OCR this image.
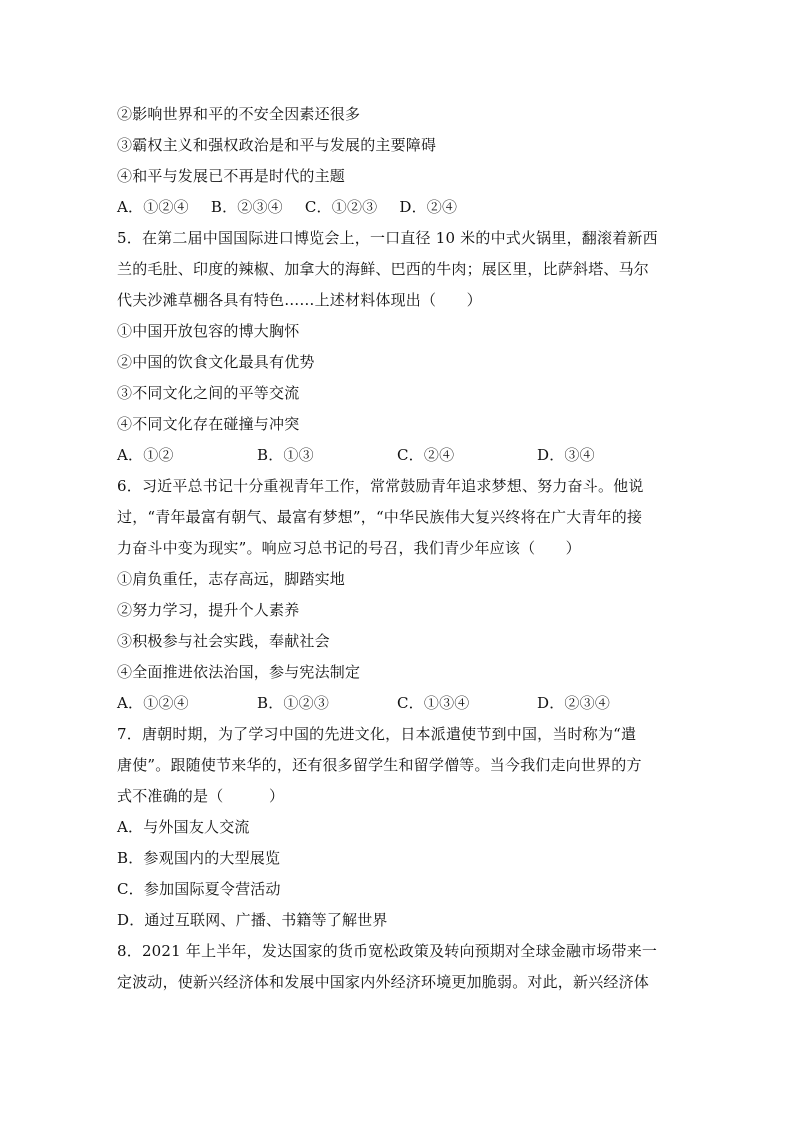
②影响世界和平的不安全因素还很多
③霸权主义和强权政治是和平与发展的主要障碍
④和平与发展已不再是时代的主题
A．①②④ B．②③④ C．①②③ D．②④
5．在第二届中国国际进口博览会上，一口直径 10 米的中式火锅里，翻滚着新西
兰的毛肚、印度的辣椒、加拿大的海鲜、巴西的牛肉；展区里，比萨斜塔、马尔
代夫沙滩草棚各具有特色……上述材料体现出（　　）
①中国开放包容的博大胸怀
②中国的饮食文化最具有优势
③不同文化之间的平等交流
④不同文化存在碰撞与冲突
A．①②	B．①③	C．②④	D．③④
6．习近平总书记十分重视青年工作，常常鼓励青年追求梦想、努力奋斗。他说
过，“青年最富有朝气、最富有梦想”，“中华民族伟大复兴终将在广大青年的接
力奋斗中变为现实”。响应习总书记的号召，我们青少年应该（　　）
①肩负重任，志存高远，脚踏实地
②努力学习，提升个人素养
③积极参与社会实践，奉献社会
④全面推进依法治国，参与宪法制定
A．①②④	B．①②③	C．①③④	D．②③④
7．唐朝时期，为了学习中国的先进文化，日本派遣使节到中国，当时称为“遣
唐使”。跟随使节来华的，还有很多留学生和留学僧等。当今我们走向世界的方
式不准确的是（　　　）
A．与外国友人交流
B．参观国内的大型展览
C．参加国际夏令营活动
D．通过互联网、广播、书籍等了解世界
8．2021 年上半年，发达国家的货币宽松政策及转向预期对全球金融市场带来一
定波动，使新兴经济体和发展中国家内外经济环境更加脆弱。对此，新兴经济体
